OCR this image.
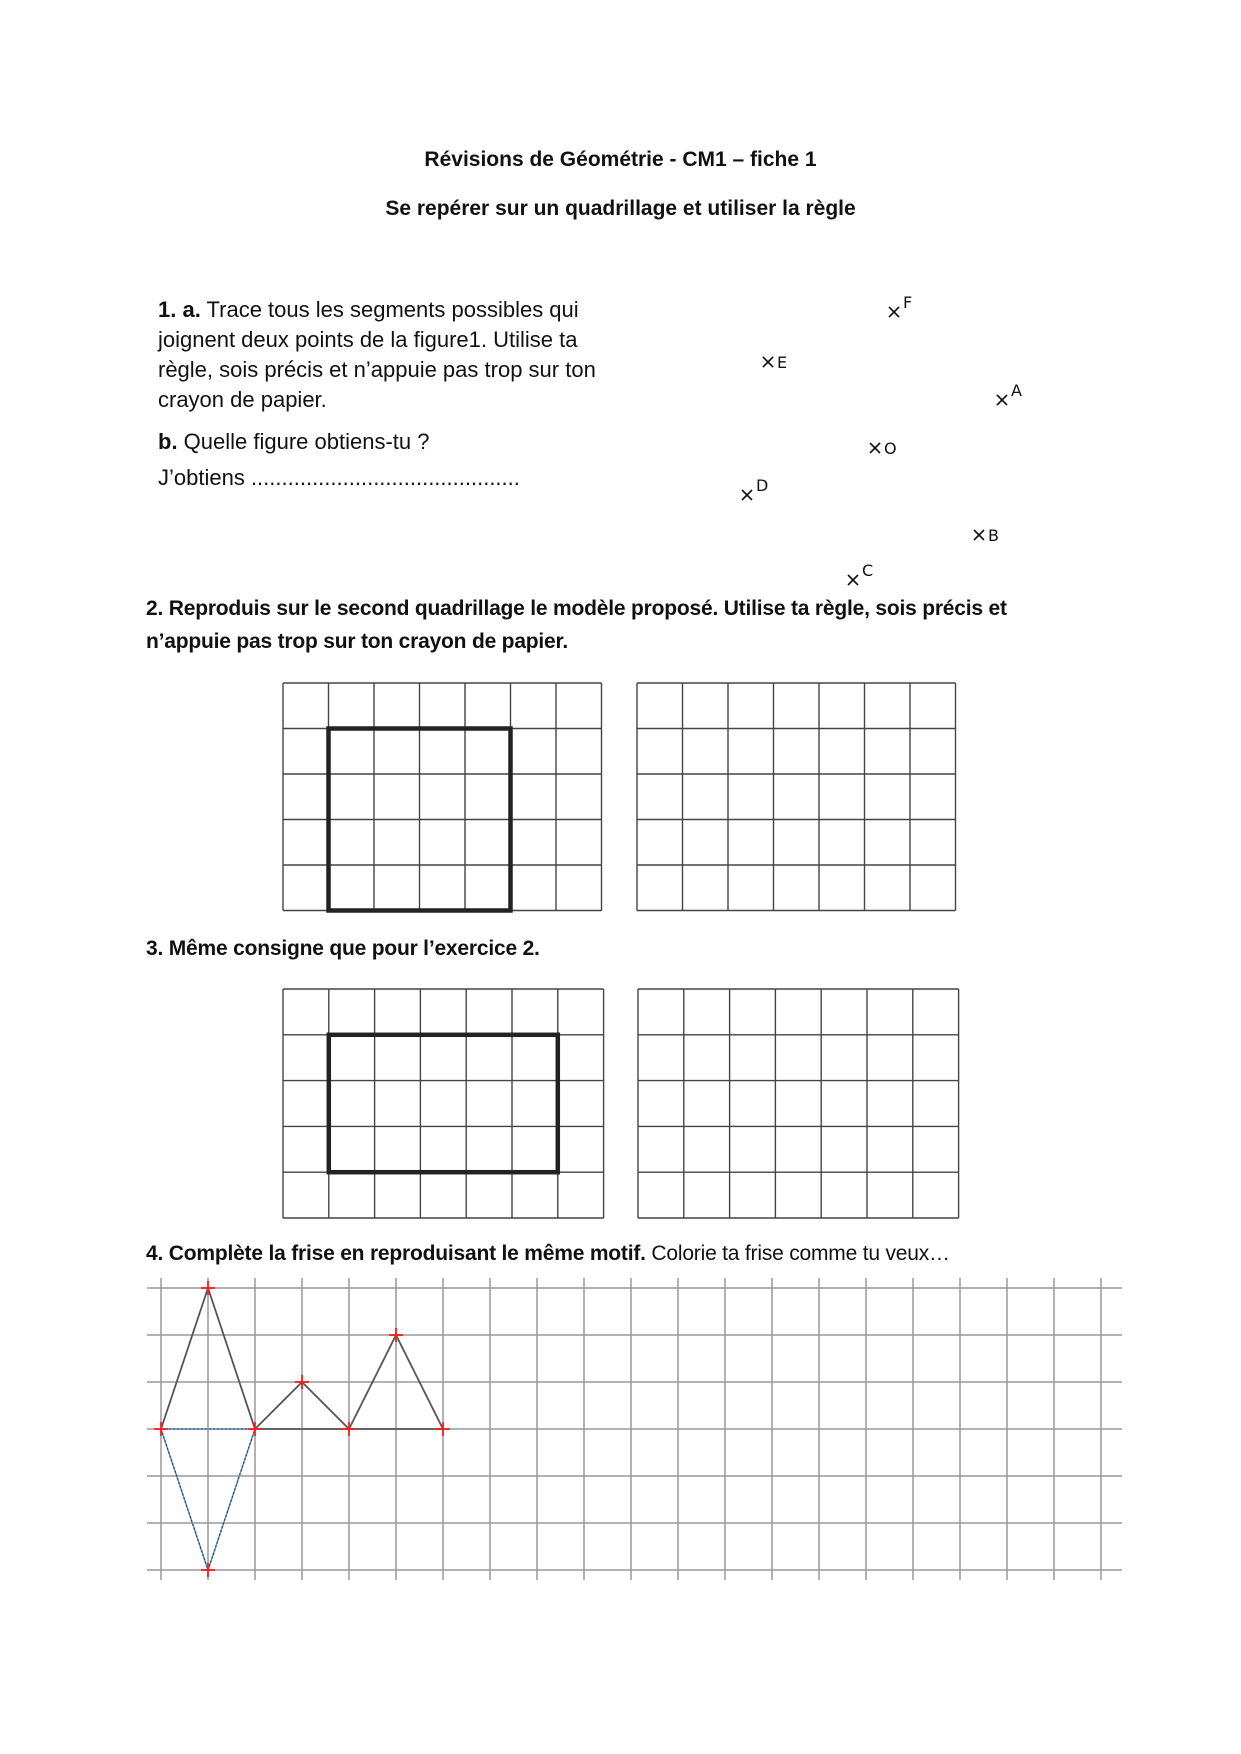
Révisions de Géométrie - CM1 – fiche 1
Se repérer sur un quadrillage et utiliser la règle
1. a. Trace tous les segments possibles qui
joignent deux points de la figure1. Utilise ta
règle, sois précis et n’appuie pas trop sur ton
crayon de papier.
b. Quelle figure obtiens-tu ?
J’obtiens ............................................
F
E
A
O
D
B
C
2. Reproduis sur le second quadrillage le modèle proposé. Utilise ta règle, sois précis et
n’appuie pas trop sur ton crayon de papier.
3. Même consigne que pour l’exercice 2.
4. Complète la frise en reproduisant le même motif. Colorie ta frise comme tu veux…
